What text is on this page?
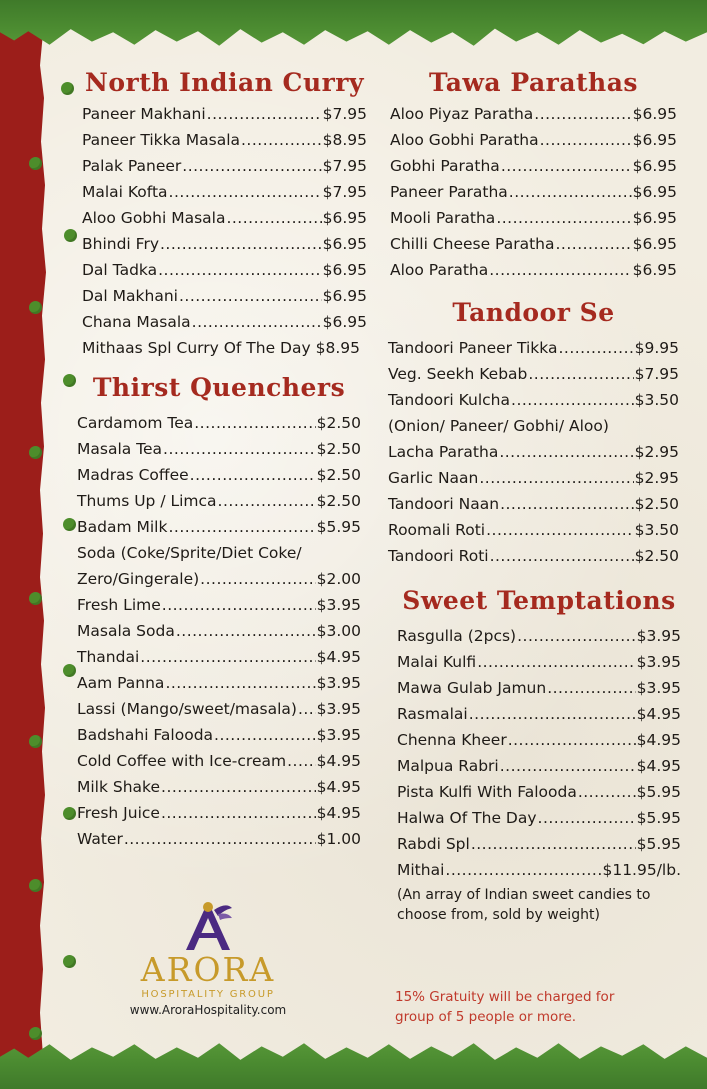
North Indian Curry
Paneer Makhani .....	$7.95
Paneer Tikka Masala .....	$8.95
Palak Paneer .....	$7.95
Malai Kofta .....	$7.95
Aloo Gobhi Masala .....	$6.95
Bhindi Fry .....	$6.95
Dal Tadka .....	$6.95
Dal Makhani .....	$6.95
Chana Masala .....	$6.95
Mithaas Spl Curry Of The Day $8.95
Thirst Quenchers
Cardamom Tea .....	$2.50
Masala Tea .....	$2.50
Madras Coffee .....	$2.50
Thums Up / Limca .....	$2.50
Badam Milk .....	$5.95
Soda (Coke/Sprite/Diet Coke/
Zero/Gingerale) .....	$2.00
Fresh Lime .....	$3.95
Masala Soda .....	$3.00
Thandai .....	$4.95
Aam Panna .....	$3.95
Lassi (Mango/sweet/masala) ..... $3.95
Badshahi Falooda .....	$3.95
Cold Coffee with Ice-cream ..... $4.95
Milk Shake .....	$4.95
Fresh Juice .....	$4.95
Water .....	$1.00
ARORA
HOSPITALITY GROUP
www.AroraHospitality.com
Tawa Parathas
Aloo Piyaz Paratha .....	$6.95
Aloo Gobhi Paratha .....	$6.95
Gobhi Paratha .....	$6.95
Paneer Paratha .....	$6.95
Mooli Paratha .....	$6.95
Chilli Cheese Paratha .....	$6.95
Aloo Paratha .....	$6.95
Tandoor Se
Tandoori Paneer Tikka .....	$9.95
Veg. Seekh Kebab .....	$7.95
Tandoori Kulcha .....	$3.50
(Onion/ Paneer/ Gobhi/ Aloo)
Lacha Paratha .....	$2.95
Garlic Naan .....	$2.95
Tandoori Naan .....	$2.50
Roomali Roti .....	$3.50
Tandoori Roti .....	$2.50
Sweet Temptations
Rasgulla (2pcs) .....	$3.95
Malai Kulfi .....	$3.95
Mawa Gulab Jamun .....	$3.95
Rasmalai .....	$4.95
Chenna Kheer .....	$4.95
Malpua Rabri .....	$4.95
Pista Kulfi With Falooda .....	$5.95
Halwa Of The Day .....	$5.95
Rabdi Spl .....	$5.95
Mithai .....	$11.95/lb.
(An array of Indian sweet candies to
choose from, sold by weight)
15% Gratuity will be charged for
group of 5 people or more.
